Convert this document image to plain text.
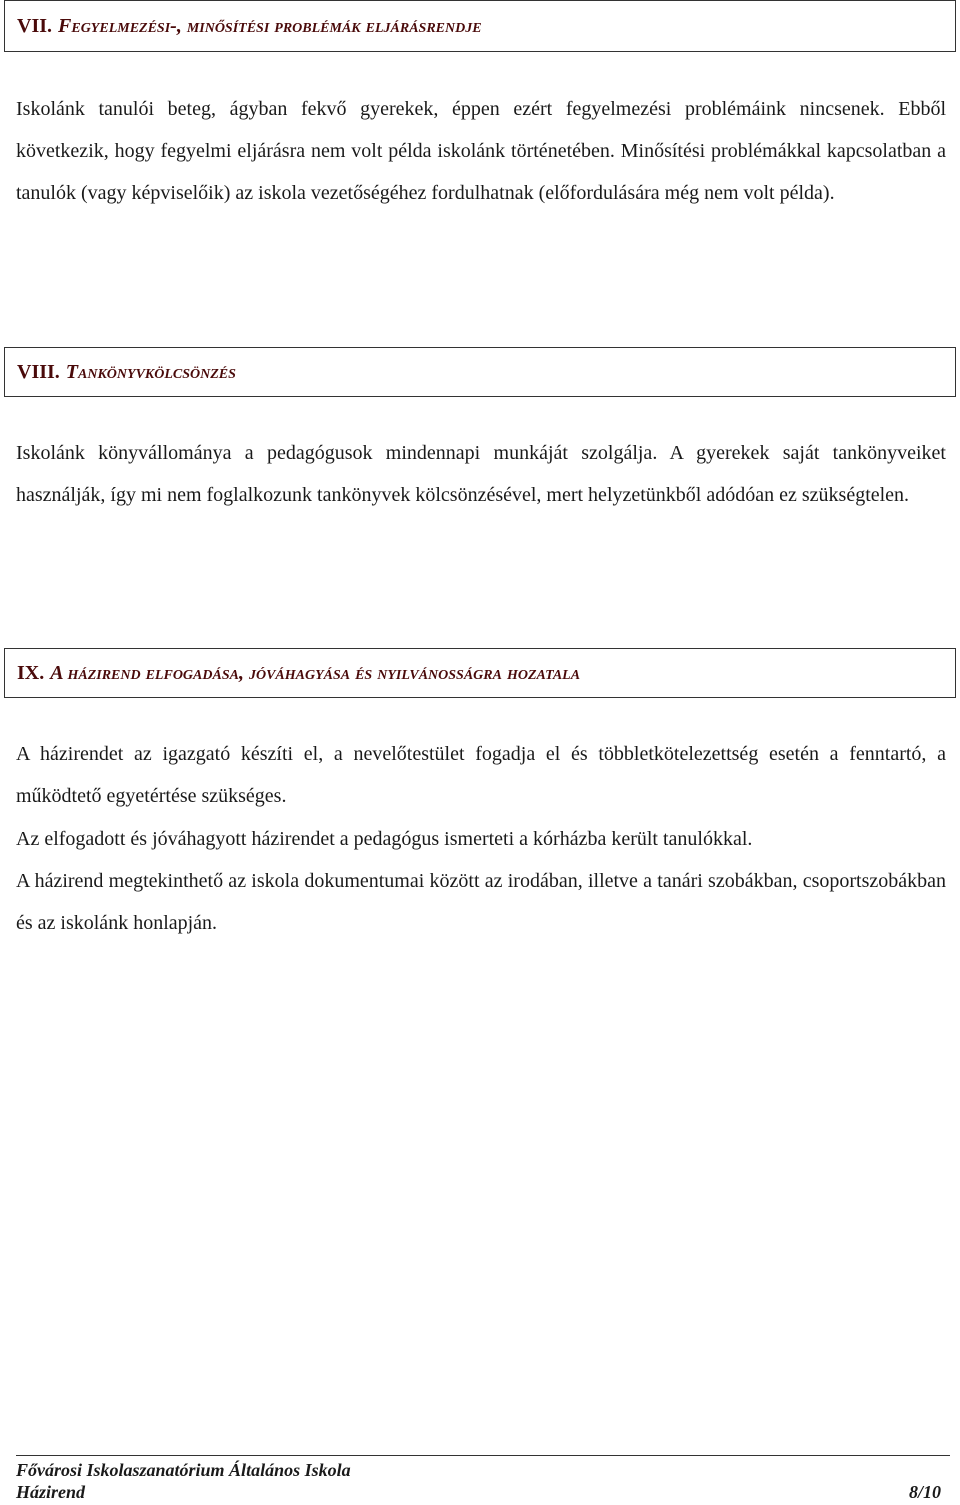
VII. Fegyelmezési-, minősítési problémák eljárásrendje

Iskolánk tanulói beteg, ágyban fekvő gyerekek, éppen ezért fegyelmezési problémáink nincsenek. Ebből következik, hogy fegyelmi eljárásra nem volt példa iskolánk történetében. Minősítési problémákkal kapcsolatban a tanulók (vagy képviselőik) az iskola vezetőségéhez fordulhatnak (előfordulására még nem volt példa).

VIII. Tankönyvkölcsönzés

Iskolánk könyvállománya a pedagógusok mindennapi munkáját szolgálja. A gyerekek saját tankönyveiket használják, így mi nem foglalkozunk tankönyvek kölcsönzésével, mert helyzetünkből adódóan ez szükségtelen.

IX. A házirend elfogadása, jóváhagyása és nyilvánosságra hozatala

A házirendet az igazgató készíti el, a nevelőtestület fogadja el és többletkötelezettség esetén a fenntartó, a működtető egyetértése szükséges.

Az elfogadott és jóváhagyott házirendet a pedagógus ismerteti a kórházba került tanulókkal.

A házirend megtekinthető az iskola dokumentumai között az irodában, illetve a tanári szobákban, csoportszobákban és az iskolánk honlapján.

Fővárosi Iskolaszanatórium Általános Iskola
Házirend	8/10
